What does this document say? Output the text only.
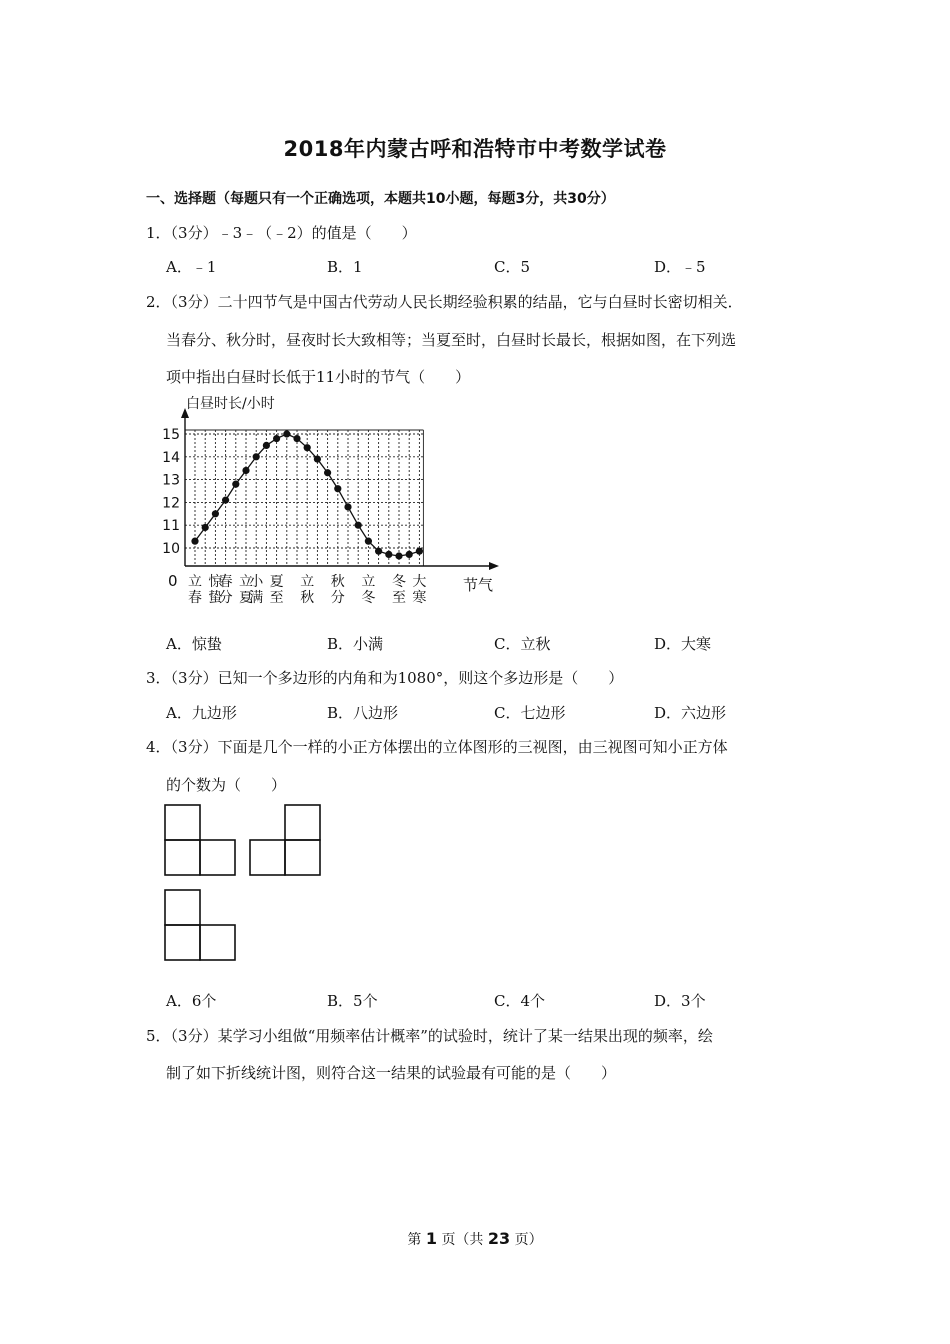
2018年内蒙古呼和浩特市中考数学试卷
一、选择题（每题只有一个正确选项，本题共10小题，每题3分，共30分）
1．（3分）﹣3﹣（﹣2）的值是（　　）
A．﹣1	B．1	C．5	D．﹣5
2．（3分）二十四节气是中国古代劳动人民长期经验积累的结晶，它与白昼时长密切相关．
当春分、秋分时，昼夜时长大致相等；当夏至时，白昼时长最长，根据如图，在下列选
项中指出白昼时长低于11小时的节气（　　）
白昼时长/小时
节气
0
10
11
12
13
14
15
立
春
惊
蛰
春
分
立
夏
小
满
夏
至
立
秋
秋
分
立
冬
冬
至
大
寒
A．惊蛰	B．小满	C．立秋	D．大寒
3．（3分）已知一个多边形的内角和为1080°，则这个多边形是（　　）
A．九边形	B．八边形	C．七边形	D．六边形
4．（3分）下面是几个一样的小正方体摆出的立体图形的三视图，由三视图可知小正方体
的个数为（　　）
A．6个	B．5个	C．4个	D．3个
5．（3分）某学习小组做“用频率估计概率”的试验时，统计了某一结果出现的频率，绘
制了如下折线统计图，则符合这一结果的试验最有可能的是（　　）
第 1 页（共 23 页）
